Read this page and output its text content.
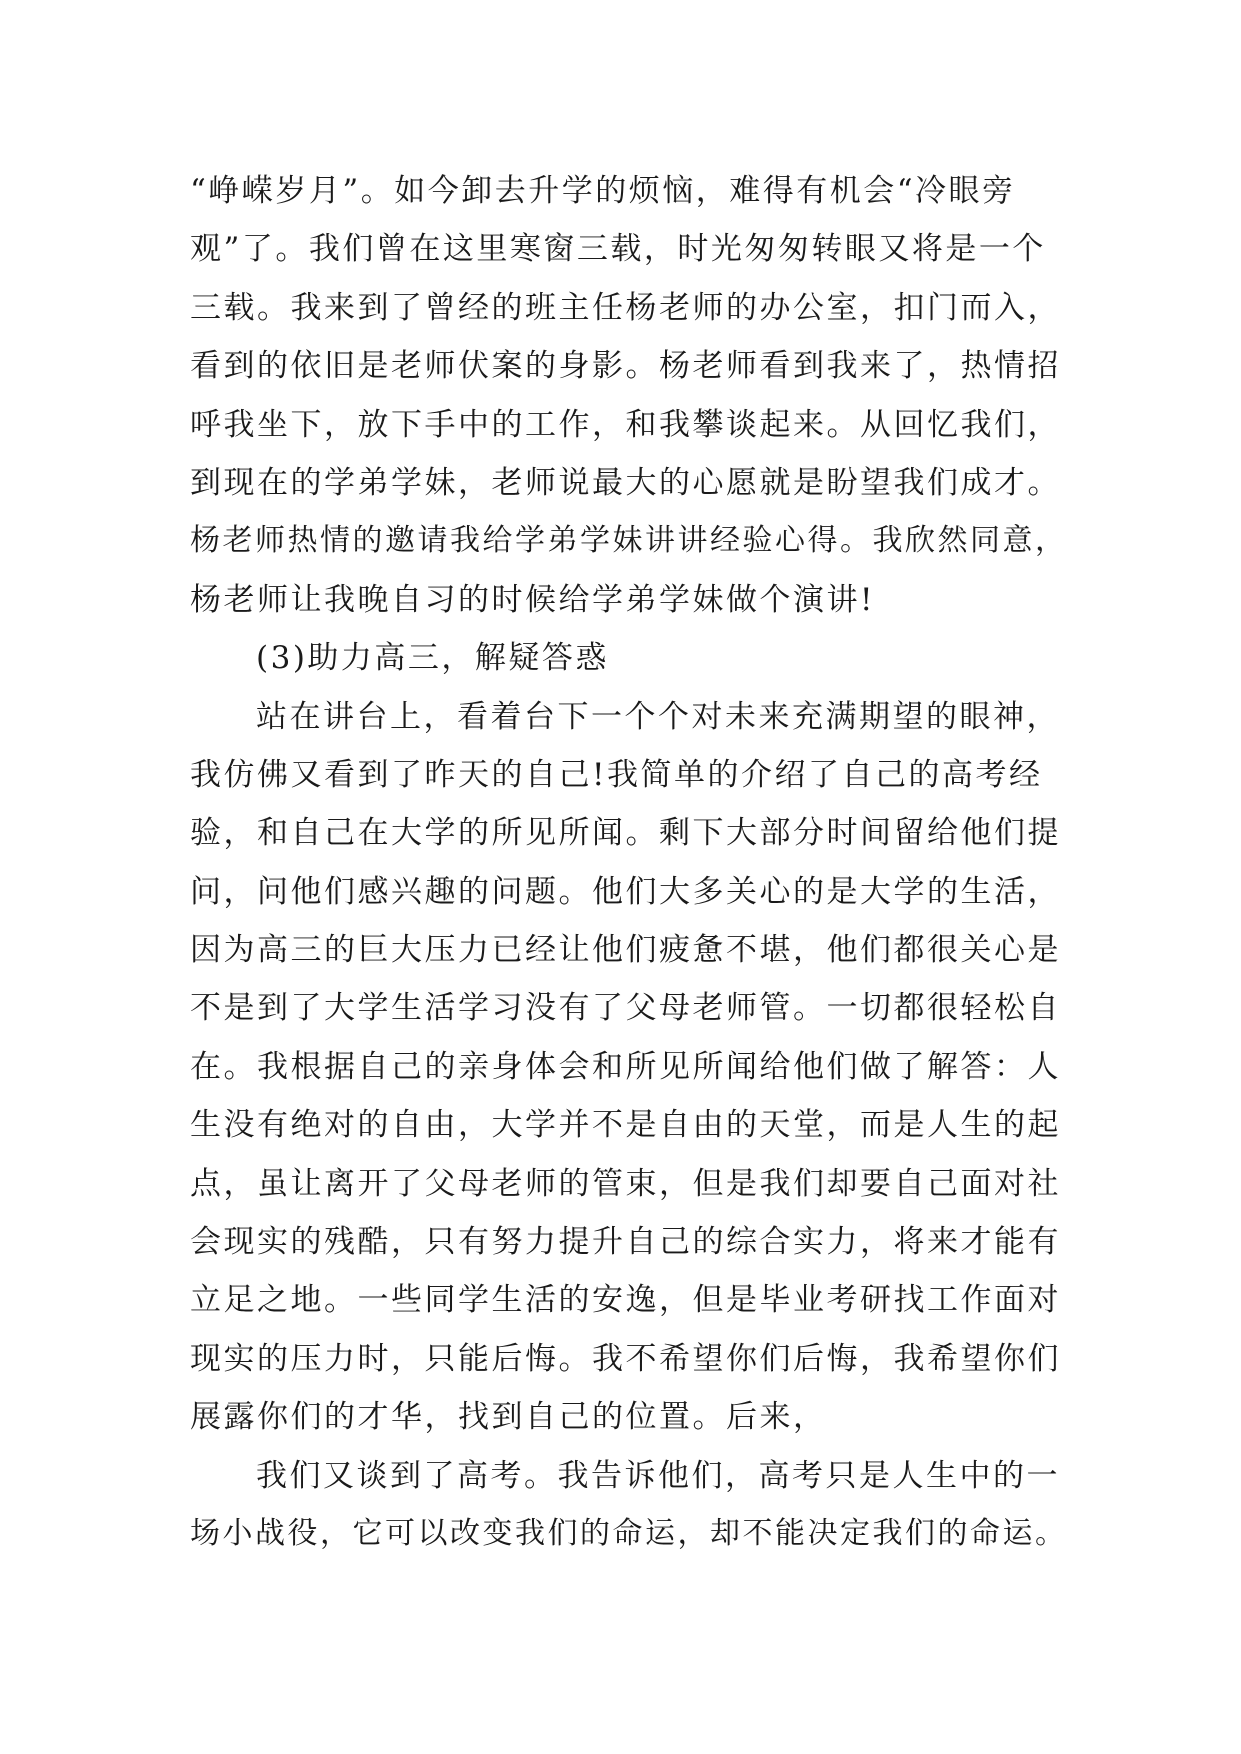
“峥嵘岁月”。如今卸去升学的烦恼，难得有机会“冷眼旁
观”了。我们曾在这里寒窗三载，时光匆匆转眼又将是一个
三载。我来到了曾经的班主任杨老师的办公室，扣门而入，
看到的依旧是老师伏案的身影。杨老师看到我来了，热情招
呼我坐下，放下手中的工作，和我攀谈起来。从回忆我们，
到现在的学弟学妹，老师说最大的心愿就是盼望我们成才。
杨老师热情的邀请我给学弟学妹讲讲经验心得。我欣然同意，
杨老师让我晚自习的时候给学弟学妹做个演讲!
(3)助力高三，解疑答惑
站在讲台上，看着台下一个个对未来充满期望的眼神，
我仿佛又看到了昨天的自己!我简单的介绍了自己的高考经
验，和自己在大学的所见所闻。剩下大部分时间留给他们提
问，问他们感兴趣的问题。他们大多关心的是大学的生活，
因为高三的巨大压力已经让他们疲惫不堪，他们都很关心是
不是到了大学生活学习没有了父母老师管。一切都很轻松自
在。我根据自己的亲身体会和所见所闻给他们做了解答：人
生没有绝对的自由，大学并不是自由的天堂，而是人生的起
点，虽让离开了父母老师的管束，但是我们却要自己面对社
会现实的残酷，只有努力提升自己的综合实力，将来才能有
立足之地。一些同学生活的安逸，但是毕业考研找工作面对
现实的压力时，只能后悔。我不希望你们后悔，我希望你们
展露你们的才华，找到自己的位置。后来，
我们又谈到了高考。我告诉他们，高考只是人生中的一
场小战役，它可以改变我们的命运，却不能决定我们的命运。
